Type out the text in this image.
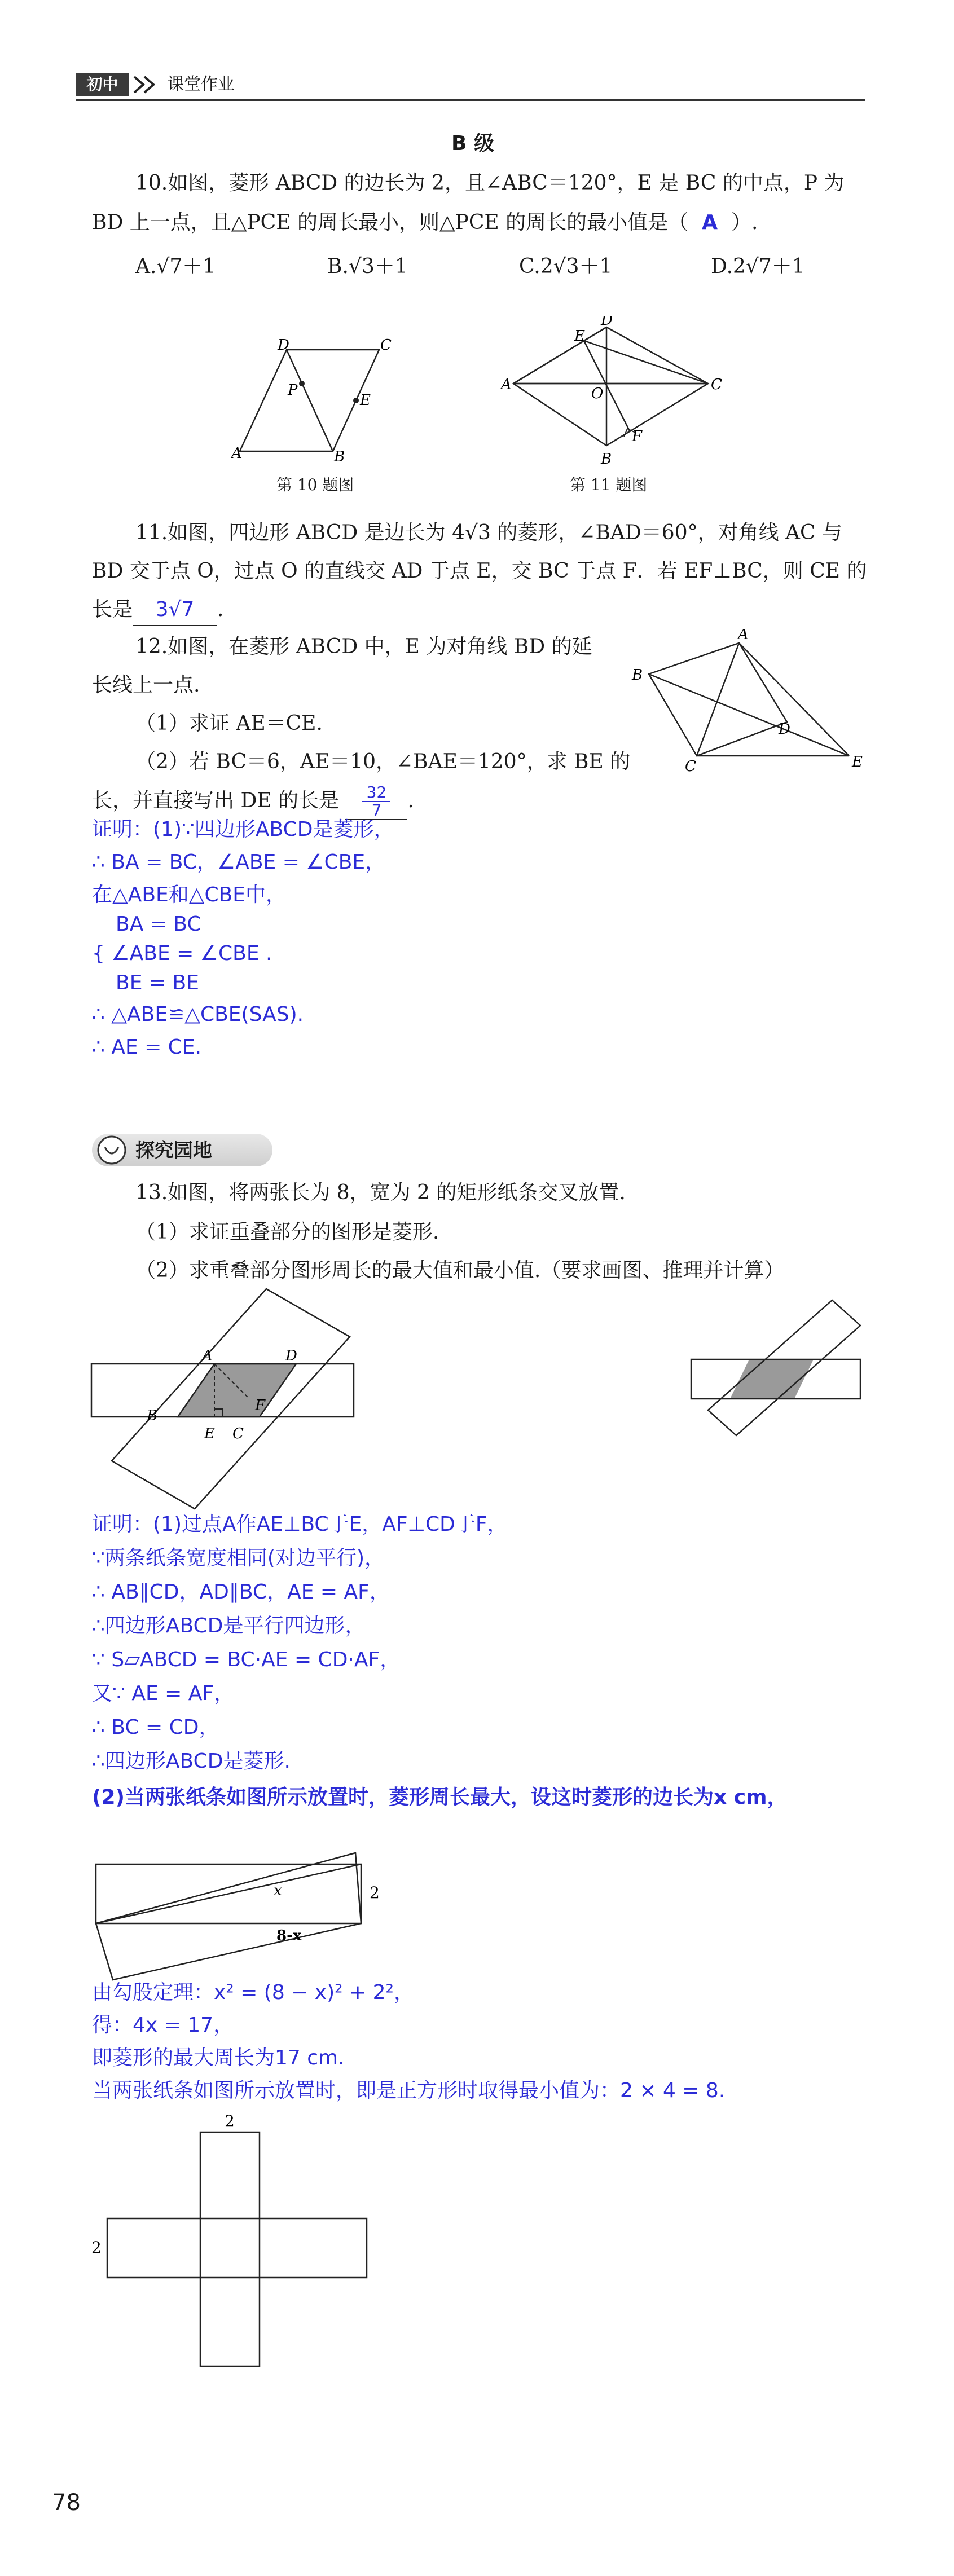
初中	课堂作业
B 级
10.如图，菱形 ABCD 的边长为 2，且∠ABC＝120°，E 是 BC 的中点，P 为
BD 上一点，且△PCE 的周长最小，则△PCE 的周长的最小值是（ A ）.
A.√7＋1	B.√3＋1	C.2√3＋1	D.2√7＋1
D	C
A	B
P
E
第 10 题图
D
E
A	C
O
F
B
第 11 题图
11.如图，四边形 ABCD 是边长为 4√3 的菱形，∠BAD＝60°，对角线 AC 与
BD 交于点 O，过点 O 的直线交 AD 于点 E，交 BC 于点 F．若 EF⊥BC，则 CE 的
长是 3√7 .
12.如图，在菱形 ABCD 中，E 为对角线 BD 的延
长线上一点.
（1）求证 AE＝CE.
（2）若 BC＝6，AE＝10，∠BAE＝120°，求 BE 的
长，并直接写出 DE 的长是 $\frac{32}{7}$ .
A
B
D
C	E
证明：(1)∵四边形ABCD是菱形，
∴ BA = BC，∠ABE = ∠CBE，
在△ABE和△CBE中，
BA = BC
{ ∠ABE = ∠CBE .
BE = BE
∴ △ABE≌△CBE(SAS).
∴ AE = CE.
探究园地
13.如图，将两张长为 8，宽为 2 的矩形纸条交叉放置.
（1）求证重叠部分的图形是菱形.
（2）求重叠部分图形周长的最大值和最小值.（要求画图、推理并计算）
A	D
B
F
E C
证明：(1)过点A作AE⊥BC于E，AF⊥CD于F，
∵两条纸条宽度相同(对边平行)，
∴ AB∥CD，AD∥BC，AE = AF，
∴四边形ABCD是平行四边形，
∵ S▱ABCD = BC·AE = CD·AF，
又∵ AE = AF，
∴ BC = CD，
∴四边形ABCD是菱形.
(2)当两张纸条如图所示放置时，菱形周长最大，设这时菱形的边长为x cm，
x	2
8-x
由勾股定理：x² = (8 − x)² + 2²，
得：4x = 17，
即菱形的最大周长为17 cm.
当两张纸条如图所示放置时，即是正方形时取得最小值为：2 × 4 = 8.
2
2
78
